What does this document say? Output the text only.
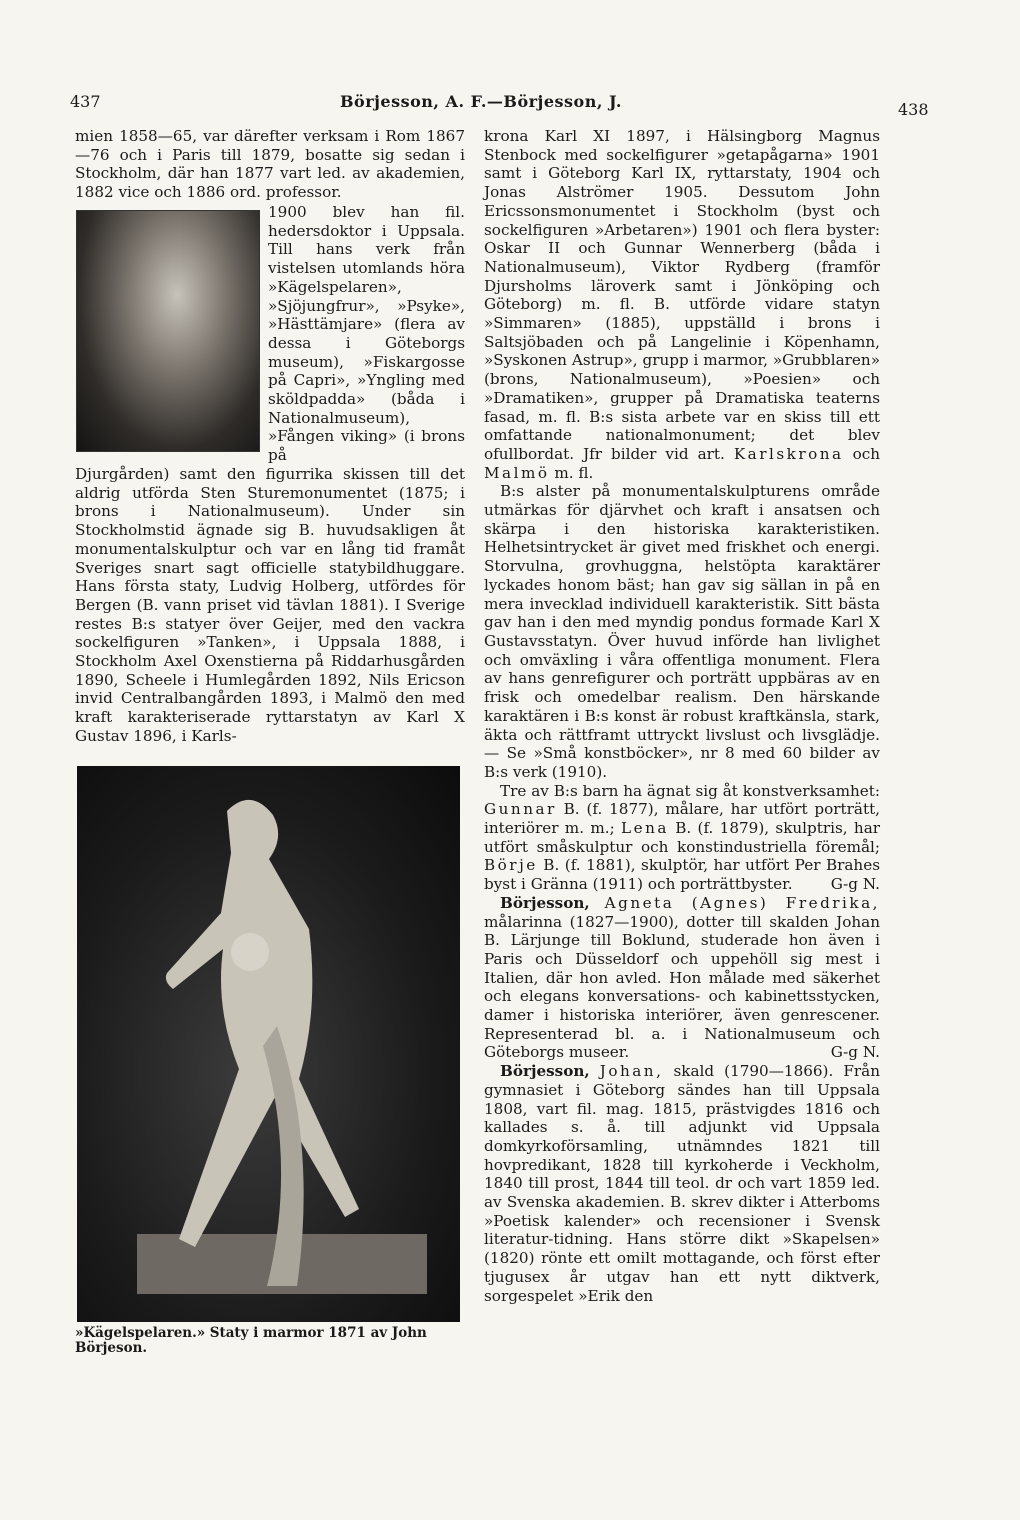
437	Börjesson, A. F.—Börjesson, J.	438

mien 1858—65, var därefter verksam i Rom 1867—76 och i Paris till 1879, bosatte sig sedan i Stockholm, där han 1877 vart led. av akademien, 1882 vice och 1886 ord. professor.

1900 blev han fil. hedersdoktor i Uppsala. Till hans verk från vistelsen utomlands höra »Kägelspelaren», »Sjöjungfrur», »Psyke», »Hästtämjare» (flera av dessa i Göteborgs museum), »Fiskargosse på Capri», »Yngling med sköldpadda» (båda i Nationalmuseum), »Fången viking» (i brons på

Djurgården) samt den figurrika skissen till det aldrig utförda Sten Sturemonumentet (1875; i brons i Nationalmuseum). Under sin Stockholmstid ägnade sig B. huvudsakligen åt monumentalskulptur och var en lång tid framåt Sveriges snart sagt officielle statybildhuggare. Hans första staty, Ludvig Holberg, utfördes för Bergen (B. vann priset vid tävlan 1881). I Sverige restes B:s statyer över Geijer, med den vackra sockelfiguren »Tanken», i Uppsala 1888, i Stockholm Axel Oxenstierna på Riddarhusgården 1890, Scheele i Humlegården 1892, Nils Ericson invid Centralbangården 1893, i Malmö den med kraft karakteriserade ryttarstatyn av Karl X Gustav 1896, i Karls-

»Kägelspelaren.» Staty i marmor 1871 av John Börjeson.

krona Karl XI 1897, i Hälsingborg Magnus Stenbock med sockelfigurer »getapågarna» 1901 samt i Göteborg Karl IX, ryttarstaty, 1904 och Jonas Alströmer 1905. Dessutom John Ericssonsmonumentet i Stockholm (byst och sockelfiguren »Arbetaren») 1901 och flera byster: Oskar II och Gunnar Wennerberg (båda i Nationalmuseum), Viktor Rydberg (framför Djursholms läroverk samt i Jönköping och Göteborg) m. fl. B. utförde vidare statyn »Simmaren» (1885), uppställd i brons i Saltsjöbaden och på Langelinie i Köpenhamn, »Syskonen Astrup», grupp i marmor, »Grubblaren» (brons, Nationalmuseum), »Poesien» och »Dramatiken», grupper på Dramatiska teaterns fasad, m. fl. B:s sista arbete var en skiss till ett omfattande nationalmonument; det blev ofullbordat. Jfr bilder vid art. Karlskrona och Malmö m. fl.

B:s alster på monumentalskulpturens område utmärkas för djärvhet och kraft i ansatsen och skärpa i den historiska karakteristiken. Helhetsintrycket är givet med friskhet och energi. Storvulna, grovhuggna, helstöpta karaktärer lyckades honom bäst; han gav sig sällan in på en mera invecklad individuell karakteristik. Sitt bästa gav han i den med myndig pondus formade Karl X Gustavsstatyn. Över huvud införde han livlighet och omväxling i våra offentliga monument. Flera av hans genrefigurer och porträtt uppbäras av en frisk och omedelbar realism. Den härskande karaktären i B:s konst är robust kraftkänsla, stark, äkta och rättframt uttryckt livslust och livsglädje. — Se »Små konstböcker», nr 8 med 60 bilder av B:s verk (1910).

Tre av B:s barn ha ägnat sig åt konstverksamhet: Gunnar B. (f. 1877), målare, har utfört porträtt, interiörer m. m.; Lena B. (f. 1879), skulptris, har utfört småskulptur och konstindustriella föremål; Börje B. (f. 1881), skulptör, har utfört Per Brahes byst i Gränna (1911) och porträttbyster.	G-g N.

Börjesson, Agneta (Agnes) Fredrika, målarinna (1827—1900), dotter till skalden Johan B. Lärjunge till Boklund, studerade hon även i Paris och Düsseldorf och uppehöll sig mest i Italien, där hon avled. Hon målade med säkerhet och elegans konversations- och kabinettsstycken, damer i historiska interiörer, även genrescener. Representerad bl. a. i Nationalmuseum och Göteborgs museer.	G-g N.

Börjesson, Johan, skald (1790—1866). Från gymnasiet i Göteborg sändes han till Uppsala 1808, vart fil. mag. 1815, prästvigdes 1816 och kallades s. å. till adjunkt vid Uppsala domkyrkoförsamling, utnämndes 1821 till hovpredikant, 1828 till kyrkoherde i Veckholm, 1840 till prost, 1844 till teol. dr och vart 1859 led. av Svenska akademien. B. skrev dikter i Atterboms »Poetisk kalender» och recensioner i Svensk literatur-tidning. Hans större dikt »Skapelsen» (1820) rönte ett omilt mottagande, och först efter tjugusex år utgav han ett nytt diktverk, sorgespelet »Erik den
